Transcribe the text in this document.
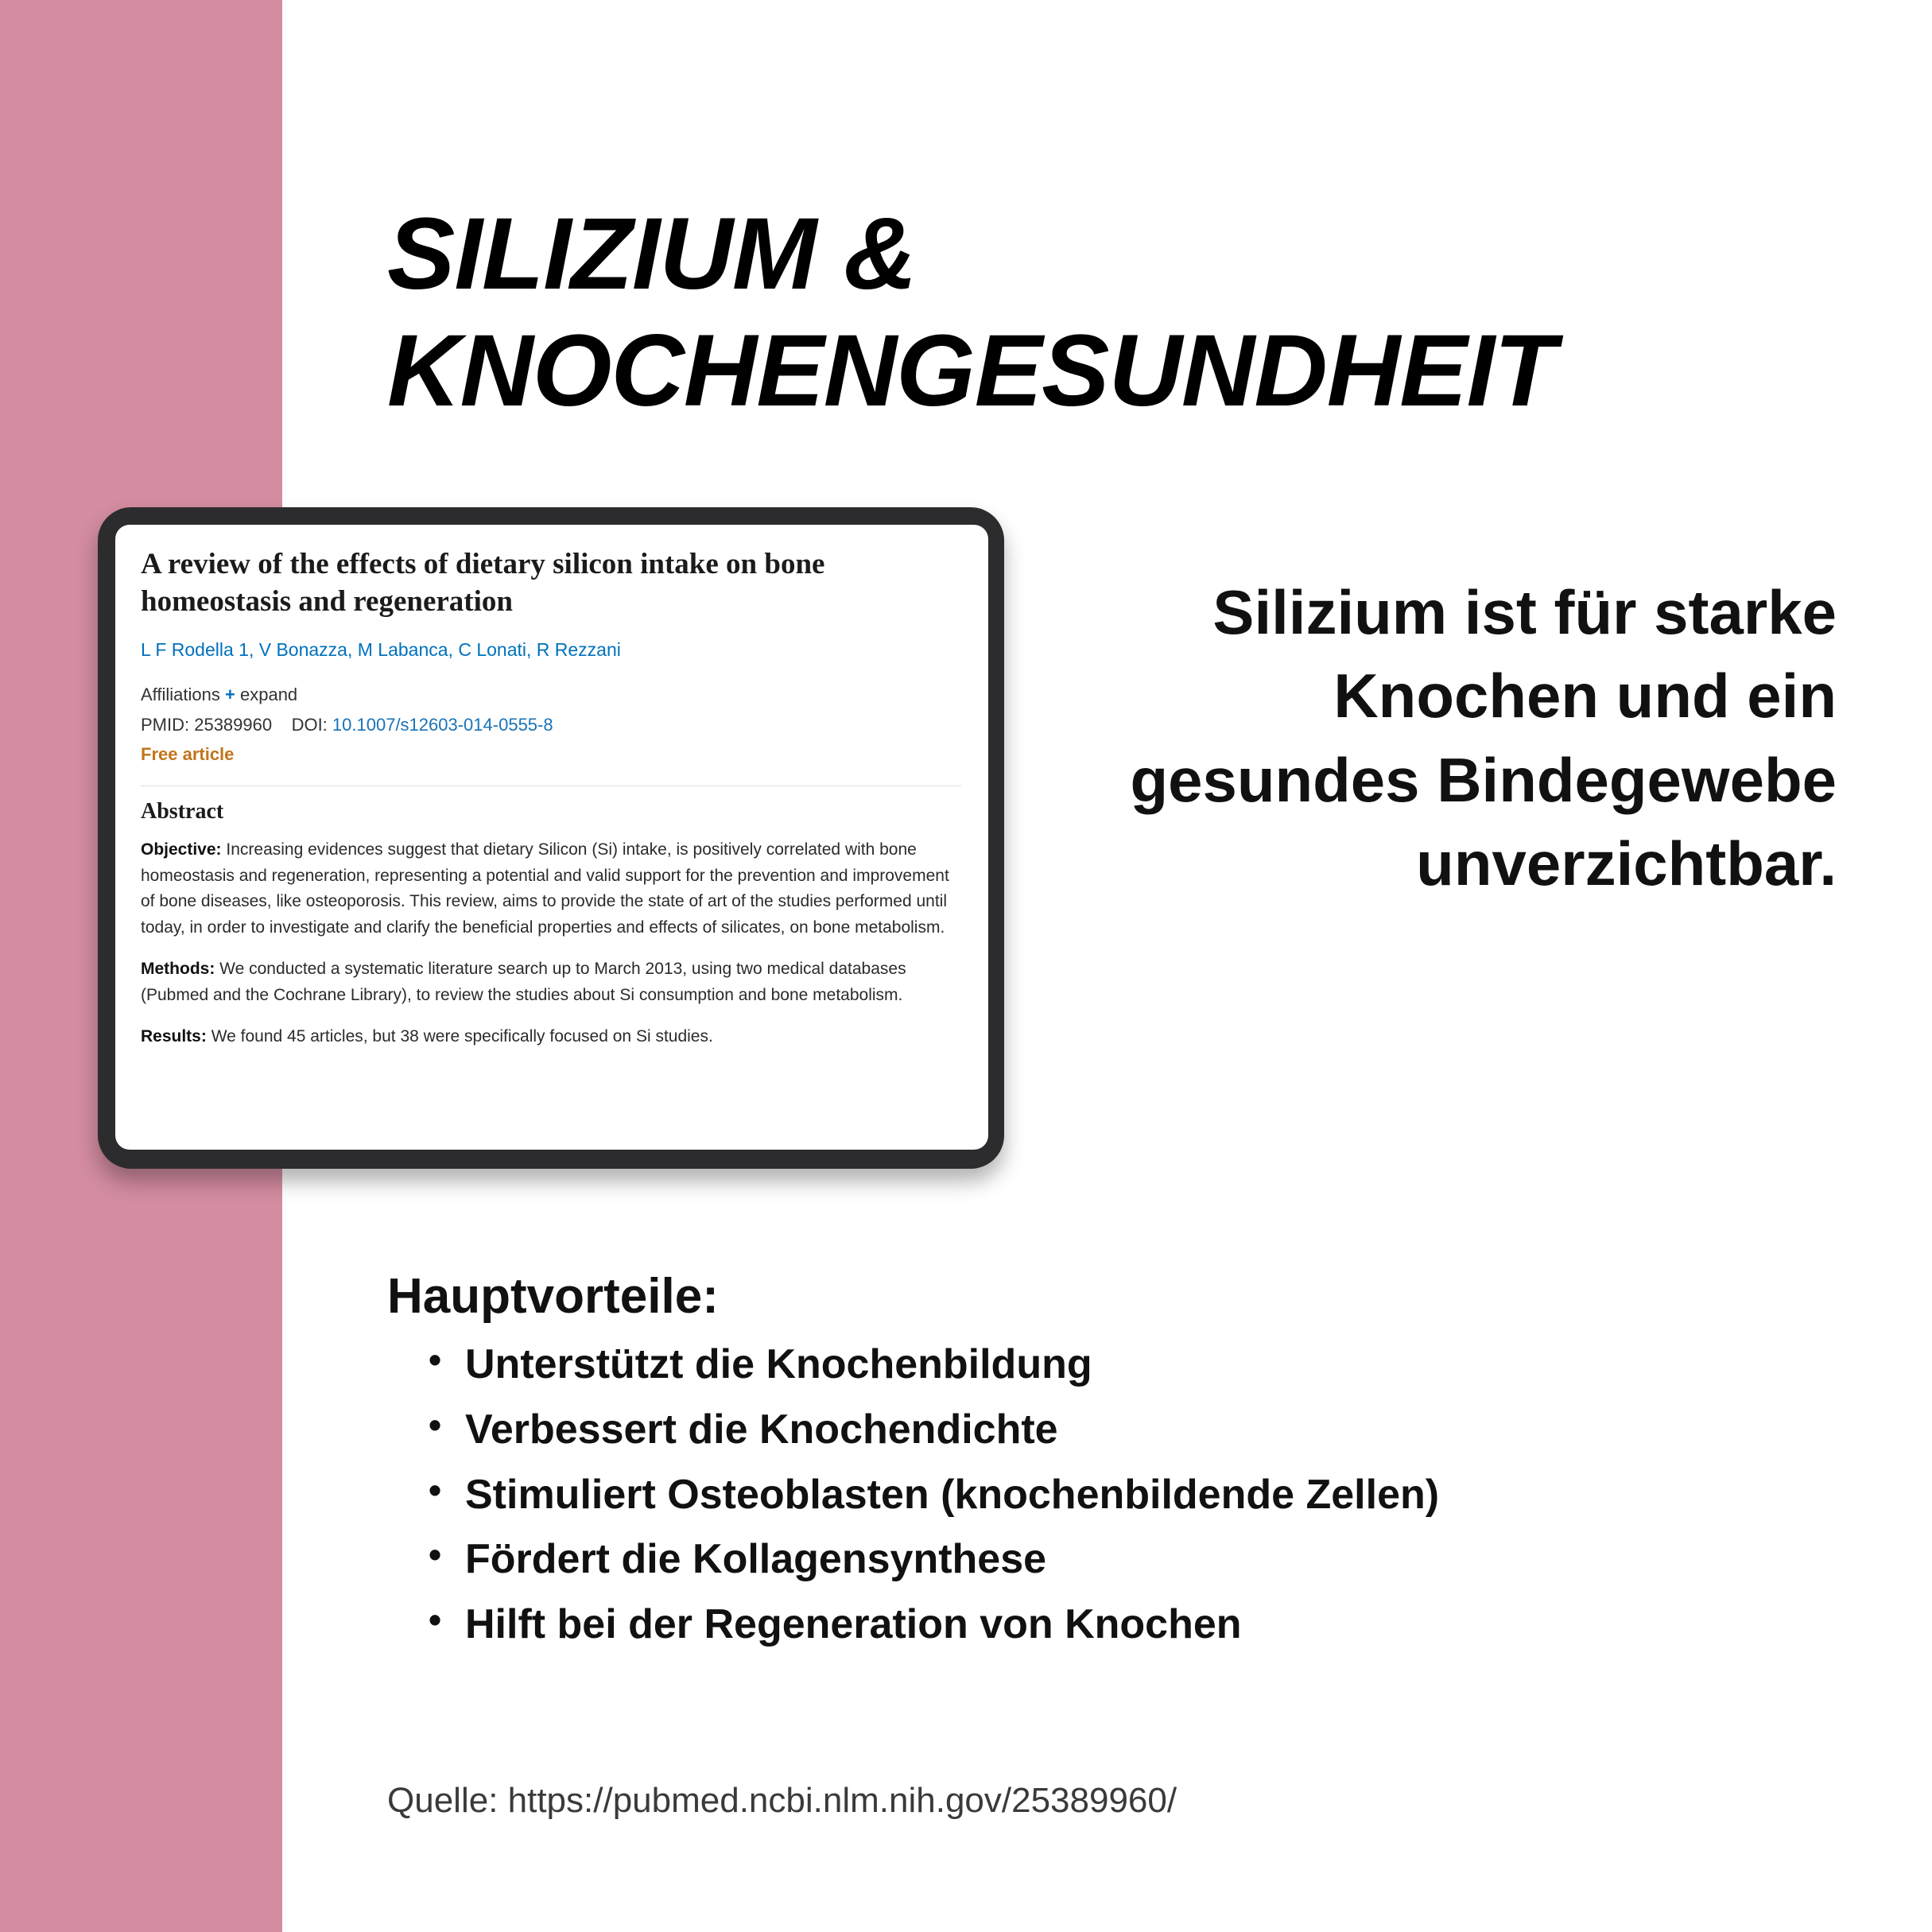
SILIZIUM &
KNOCHENGESUNDHEIT
A review of the effects of dietary silicon intake on bone homeostasis and regeneration
L F Rodella 1, V Bonazza, M Labanca, C Lonati, R Rezzani
Affiliations + expand
PMID: 25389960 DOI: 10.1007/s12603-014-0555-8
Free article
Abstract

Objective: Increasing evidences suggest that dietary Silicon (Si) intake, is positively correlated with bone homeostasis and regeneration, representing a potential and valid support for the prevention and improvement of bone diseases, like osteoporosis. This review, aims to provide the state of art of the studies performed until today, in order to investigate and clarify the beneficial properties and effects of silicates, on bone metabolism.

Methods: We conducted a systematic literature search up to March 2013, using two medical databases (Pubmed and the Cochrane Library), to review the studies about Si consumption and bone metabolism.

Results: We found 45 articles, but 38 were specifically focused on Si studies.

Silizium ist für starke Knochen und ein gesundes Bindegewebe unverzichtbar.
Hauptvorteile:
• Unterstützt die Knochenbildung
• Verbessert die Knochendichte
• Stimuliert Osteoblasten (knochenbildende Zellen)
• Fördert die Kollagensynthese
• Hilft bei der Regeneration von Knochen
Quelle: https://pubmed.ncbi.nlm.nih.gov/25389960/
